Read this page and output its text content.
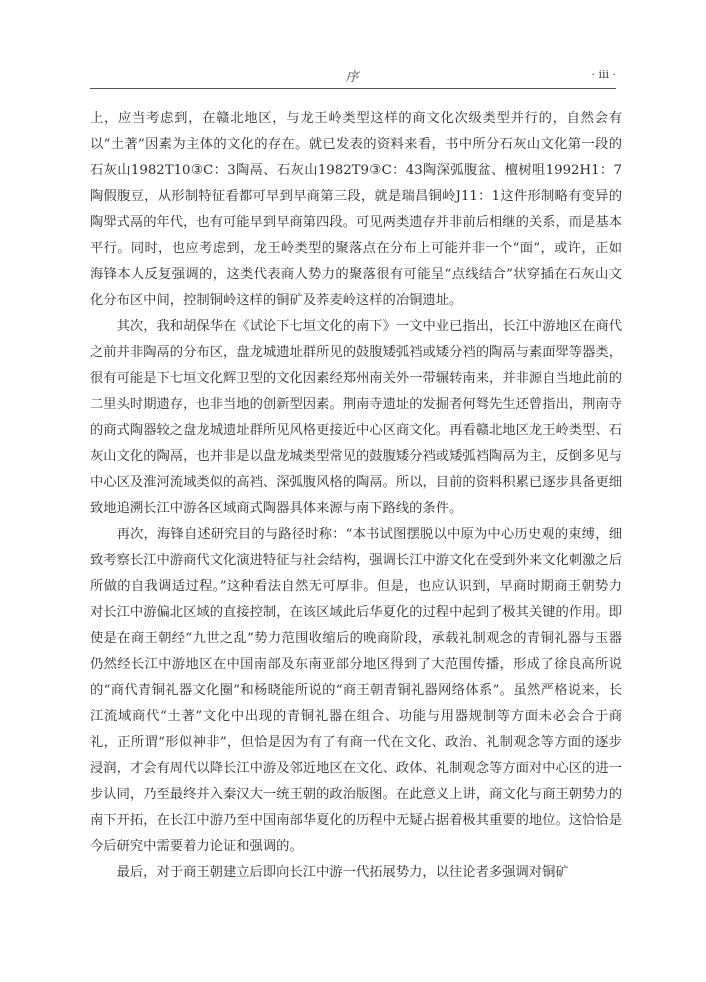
序	· iii ·

上，应当考虑到，在赣北地区，与龙王岭类型这样的商文化次级类型并行的，自然会有以“土著”因素为主体的文化的存在。就已发表的资料来看，书中所分石灰山文化第一段的石灰山1982T10③C：3陶鬲、石灰山1982T9③C：43陶深弧腹盆、檀树咀1992H1：7陶假腹豆，从形制特征看都可早到早商第三段，就是瑞昌铜岭J11：1这件形制略有变异的陶斝式鬲的年代，也有可能早到早商第四段。可见两类遗存并非前后相继的关系，而是基本平行。同时，也应考虑到，龙王岭类型的聚落点在分布上可能并非一个“面”，或许，正如海锋本人反复强调的，这类代表商人势力的聚落很有可能呈“点线结合”状穿插在石灰山文化分布区中间，控制铜岭这样的铜矿及荞麦岭这样的冶铜遗址。

其次，我和胡保华在《试论下七垣文化的南下》一文中业已指出，长江中游地区在商代之前并非陶鬲的分布区，盘龙城遗址群所见的鼓腹矮弧裆或矮分裆的陶鬲与素面斝等器类，很有可能是下七垣文化辉卫型的文化因素经郑州南关外一带辗转南来，并非源自当地此前的二里头时期遗存，也非当地的创新型因素。荆南寺遗址的发掘者何驽先生还曾指出，荆南寺的商式陶器较之盘龙城遗址群所见风格更接近中心区商文化。再看赣北地区龙王岭类型、石灰山文化的陶鬲，也并非是以盘龙城类型常见的鼓腹矮分裆或矮弧裆陶鬲为主，反倒多见与中心区及淮河流域类似的高裆、深弧腹风格的陶鬲。所以，目前的资料积累已逐步具备更细致地追溯长江中游各区域商式陶器具体来源与南下路线的条件。

再次，海锋自述研究目的与路径时称：“本书试图摆脱以中原为中心历史观的束缚，细致考察长江中游商代文化演进特征与社会结构，强调长江中游文化在受到外来文化刺激之后所做的自我调适过程。”这种看法自然无可厚非。但是，也应认识到，早商时期商王朝势力对长江中游偏北区域的直接控制，在该区域此后华夏化的过程中起到了极其关键的作用。即使是在商王朝经“九世之乱”势力范围收缩后的晚商阶段，承载礼制观念的青铜礼器与玉器仍然经长江中游地区在中国南部及东南亚部分地区得到了大范围传播，形成了徐良高所说的“商代青铜礼器文化圈”和杨晓能所说的“商王朝青铜礼器网络体系”。虽然严格说来，长江流域商代“土著”文化中出现的青铜礼器在组合、功能与用器规制等方面未必会合于商礼，正所谓“形似神非”，但恰是因为有了有商一代在文化、政治、礼制观念等方面的逐步浸润，才会有周代以降长江中游及邻近地区在文化、政体、礼制观念等方面对中心区的进一步认同，乃至最终并入秦汉大一统王朝的政治版图。在此意义上讲，商文化与商王朝势力的南下开拓，在长江中游乃至中国南部华夏化的历程中无疑占据着极其重要的地位。这恰恰是今后研究中需要着力论证和强调的。

最后，对于商王朝建立后即向长江中游一代拓展势力，以往论者多强调对铜矿
